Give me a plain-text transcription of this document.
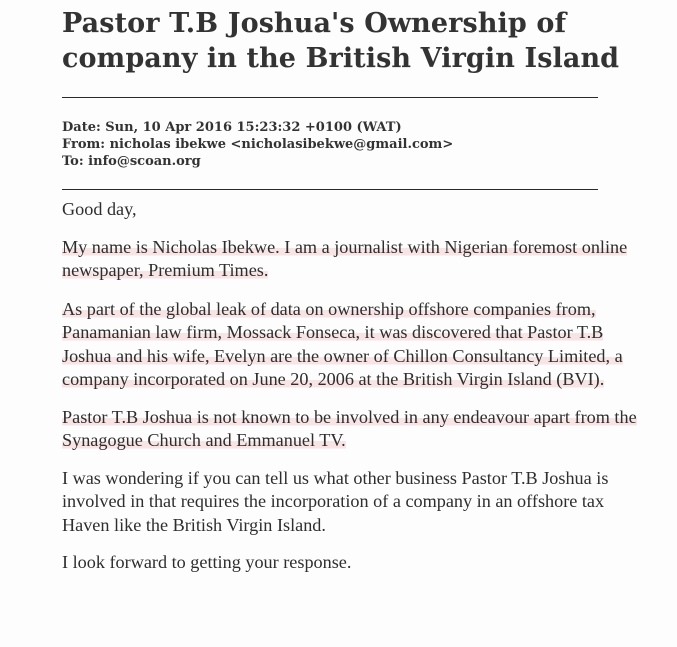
Pastor T.B Joshua's Ownership of
company in the British Virgin Island
Date: Sun, 10 Apr 2016 15:23:32 +0100 (WAT)
From: nicholas ibekwe <nicholasibekwe@gmail.com>
To: info@scoan.org

Good day,

My name is Nicholas Ibekwe. I am a journalist with Nigerian foremost online newspaper, Premium Times.

As part of the global leak of data on ownership offshore companies from, Panamanian law firm, Mossack Fonseca, it was discovered that Pastor T.B Joshua and his wife, Evelyn are the owner of Chillon Consultancy Limited, a company incorporated on June 20, 2006 at the British Virgin Island (BVI).

Pastor T.B Joshua is not known to be involved in any endeavour apart from the Synagogue Church and Emmanuel TV.

I was wondering if you can tell us what other business Pastor T.B Joshua is involved in that requires the incorporation of a company in an offshore tax Haven like the British Virgin Island.

I look forward to getting your response.
